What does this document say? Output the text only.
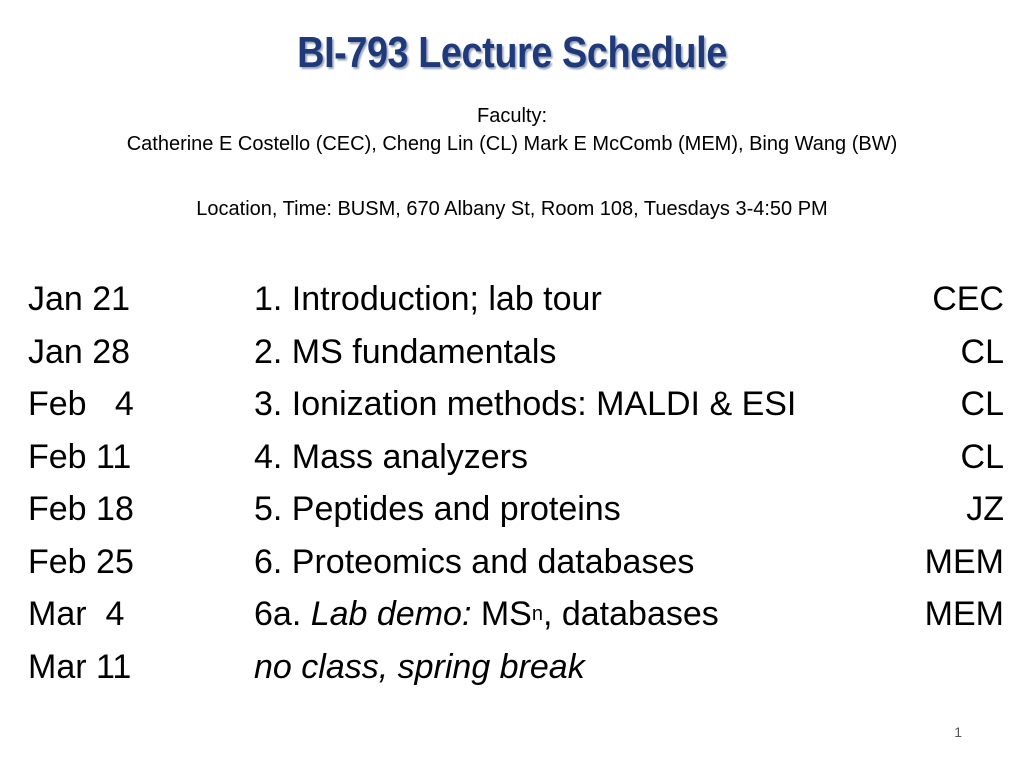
BI-793 Lecture Schedule
Faculty:
Catherine E Costello (CEC), Cheng Lin (CL) Mark E McComb (MEM), Bing Wang (BW)
Location, Time: BUSM, 670 Albany St, Room 108, Tuesdays 3-4:50 PM
Jan 21	1. Introduction; lab tour	CEC
Jan 28	2. MS fundamentals	CL
Feb   4	3. Ionization methods: MALDI & ESI	CL
Feb 11	4. Mass analyzers	CL
Feb 18	5. Peptides and proteins	JZ
Feb 25	6. Proteomics and databases	MEM
Mar  4	6a. Lab demo: $MS^n$, databases	MEM
Mar 11	no class, spring break
1
